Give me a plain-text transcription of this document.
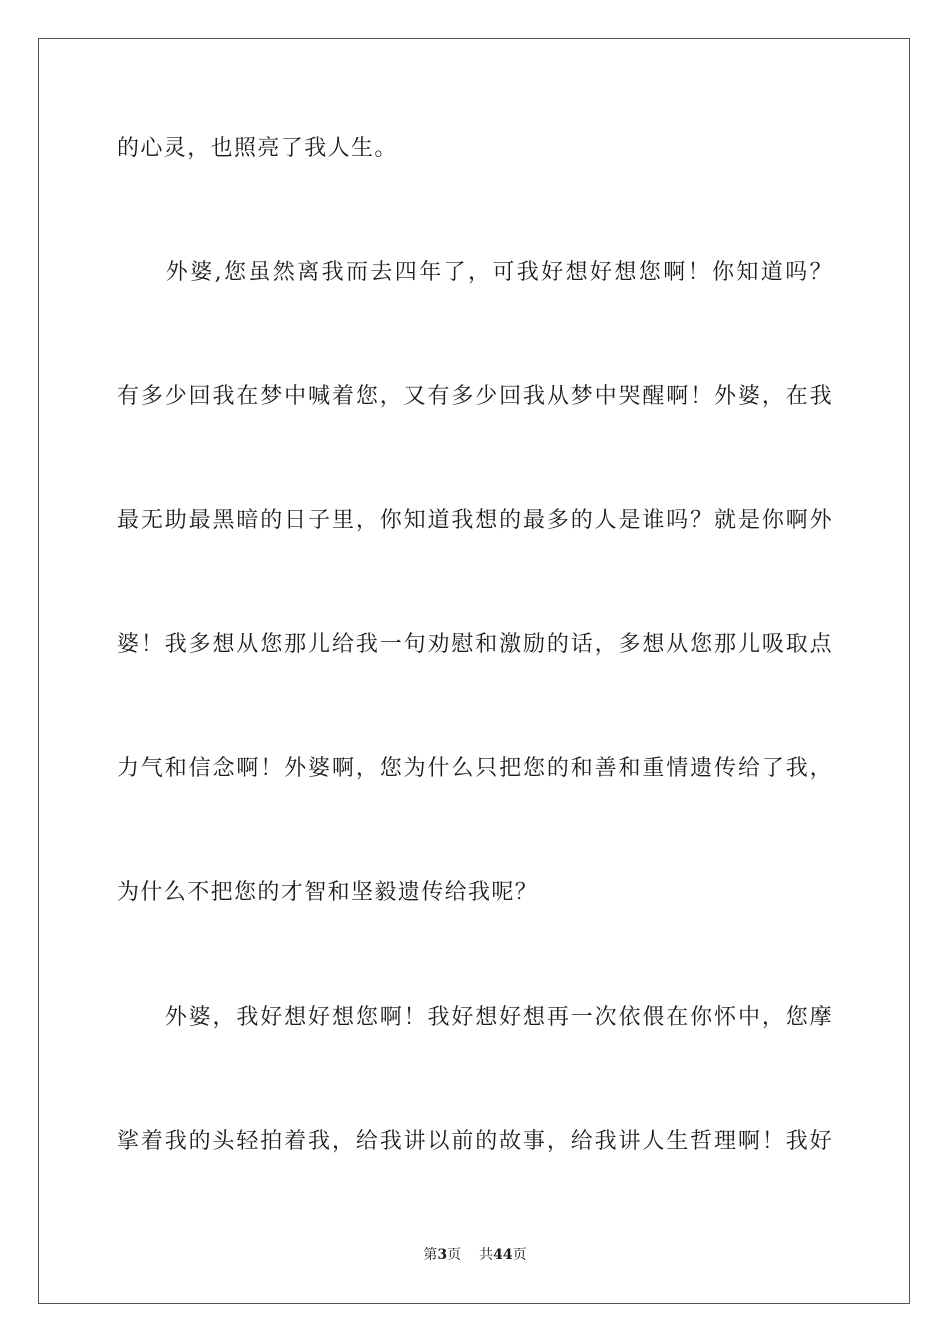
的心灵，也照亮了我人生。
　　外婆,您虽然离我而去四年了，可我好想好想您啊！你知道吗？
有多少回我在梦中喊着您，又有多少回我从梦中哭醒啊！外婆，在我
最无助最黑暗的日子里，你知道我想的最多的人是谁吗？就是你啊外
婆！我多想从您那儿给我一句劝慰和激励的话，多想从您那儿吸取点
力气和信念啊！外婆啊，您为什么只把您的和善和重情遗传给了我，
为什么不把您的才智和坚毅遗传给我呢？
　　外婆，我好想好想您啊！我好想好想再一次依偎在你怀中，您摩
挲着我的头轻拍着我，给我讲以前的故事，给我讲人生哲理啊！我好
第3页 共44页
